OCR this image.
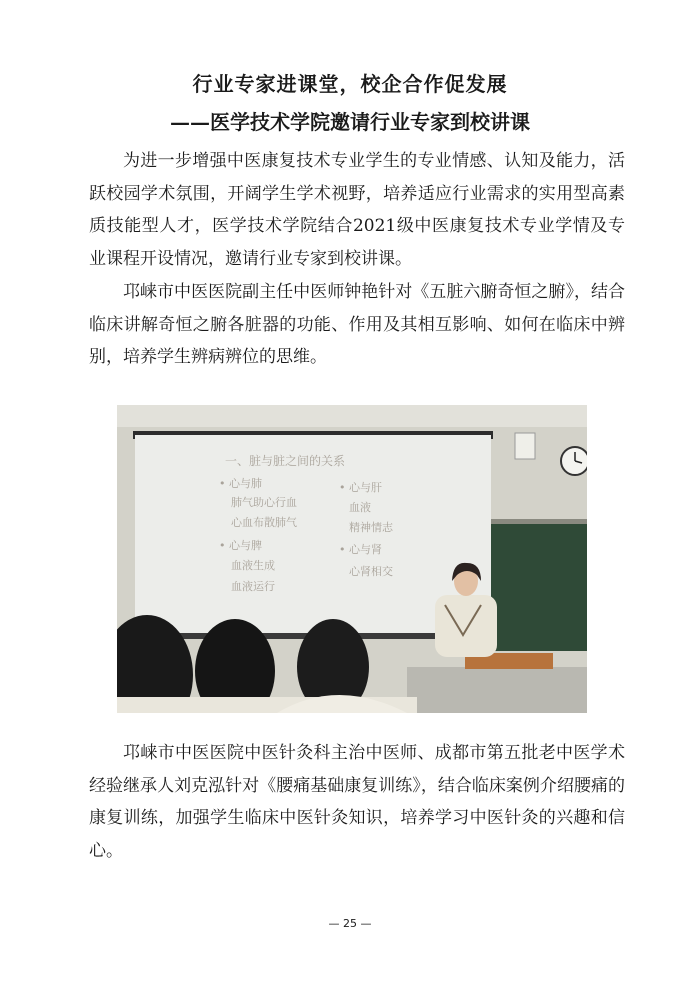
行业专家进课堂，校企合作促发展
——医学技术学院邀请行业专家到校讲课

为进一步增强中医康复技术专业学生的专业情感、认知及能力，活跃校园学术氛围，开阔学生学术视野，培养适应行业需求的实用型高素质技能型人才，医学技术学院结合2021级中医康复技术专业学情及专业课程开设情况，邀请行业专家到校讲课。

邛崃市中医医院副主任中医师钟艳针对《五脏六腑奇恒之腑》，结合临床讲解奇恒之腑各脏器的功能、作用及其相互影响、如何在临床中辨别，培养学生辨病辨位的思维。

一、脏与脏之间的关系
• 心与肺
肺气助心行血
心血布散肺气
• 心与脾
血液生成
血液运行
• 心与肝
血液
精神情志
• 心与肾
心肾相交

邛崃市中医医院中医针灸科主治中医师、成都市第五批老中医学术经验继承人刘克泓针对《腰痛基础康复训练》，结合临床案例介绍腰痛的康复训练，加强学生临床中医针灸知识，培养学习中医针灸的兴趣和信心。

— 25 —
